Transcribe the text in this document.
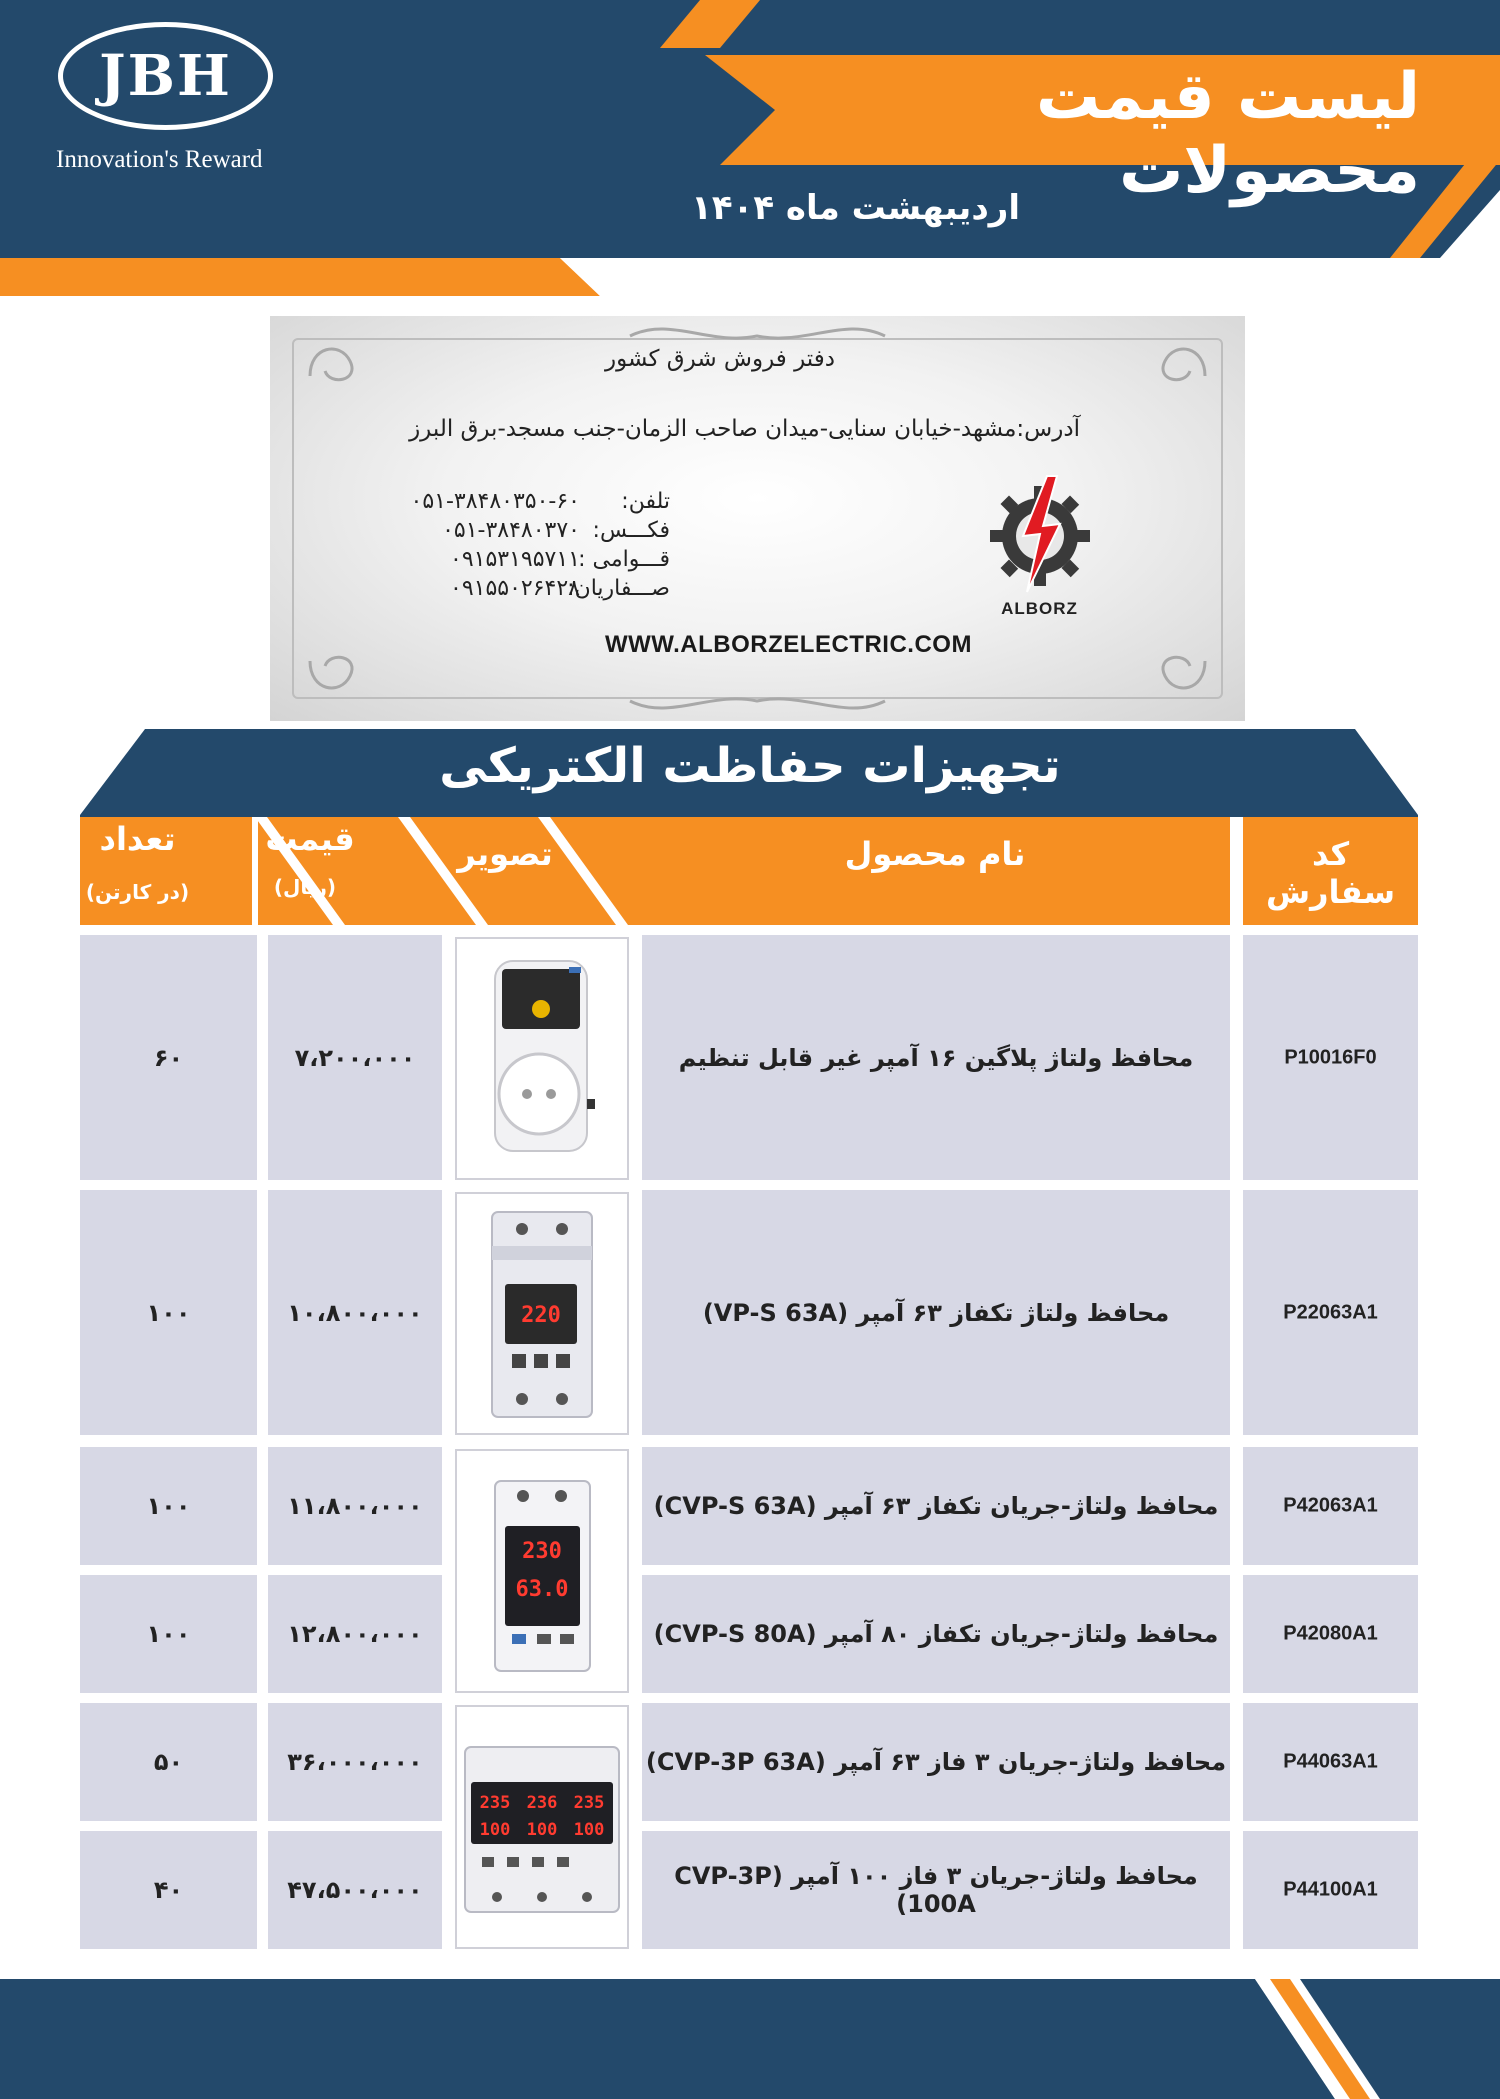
JBH
Innovation's Reward
لیست قیمت محصولات
اردیبهشت ماه ۱۴۰۴
دفتر فروش شرق کشور
آدرس:مشهد-خیابان سنایی-میدان صاحب الزمان-جنب مسجد-برق البرز
تلفن:
۰۵۱-۳۸۴۸۰۳۵۰-۶۰
فکـــس:
۰۵۱-۳۸۴۸۰۳۷۰
قـــوامی :
۰۹۱۵۳۱۹۵۷۱۱
صـــفاریان:
۰۹۱۵۵۰۲۶۴۲۸
ALBORZ
WWW.ALBORZELECTRIC.COM
تجهیزات حفاظت الکتریکی
کد سفارش
نام محصول
تصویر
قیمت
(ریال)
تعداد
(در کارتن)
P10016F0
محافظ ولتاژ پلاگین ۱۶ آمپر غیر قابل تنظیم
۷،۲۰۰،۰۰۰
۶۰
P22063A1
محافظ ولتاژ تکفاز ۶۳ آمپر (VP-S 63A)
۱۰،۸۰۰،۰۰۰
۱۰۰
P42063A1
محافظ ولتاژ-جریان تکفاز ۶۳ آمپر (CVP-S 63A)
۱۱،۸۰۰،۰۰۰
۱۰۰
P42080A1
محافظ ولتاژ-جریان تکفاز ۸۰ آمپر (CVP-S 80A)
۱۲،۸۰۰،۰۰۰
۱۰۰
P44063A1
محافظ ولتاژ-جریان ۳ فاز ۶۳ آمپر (CVP-3P 63A)
۳۶،۰۰۰،۰۰۰
۵۰
P44100A1
محافظ ولتاژ-جریان ۳ فاز ۱۰۰ آمپر (CVP-3P 100A)
۴۷،۵۰۰،۰۰۰
۴۰
220
230
63.0
235 236 235
100 100 100
